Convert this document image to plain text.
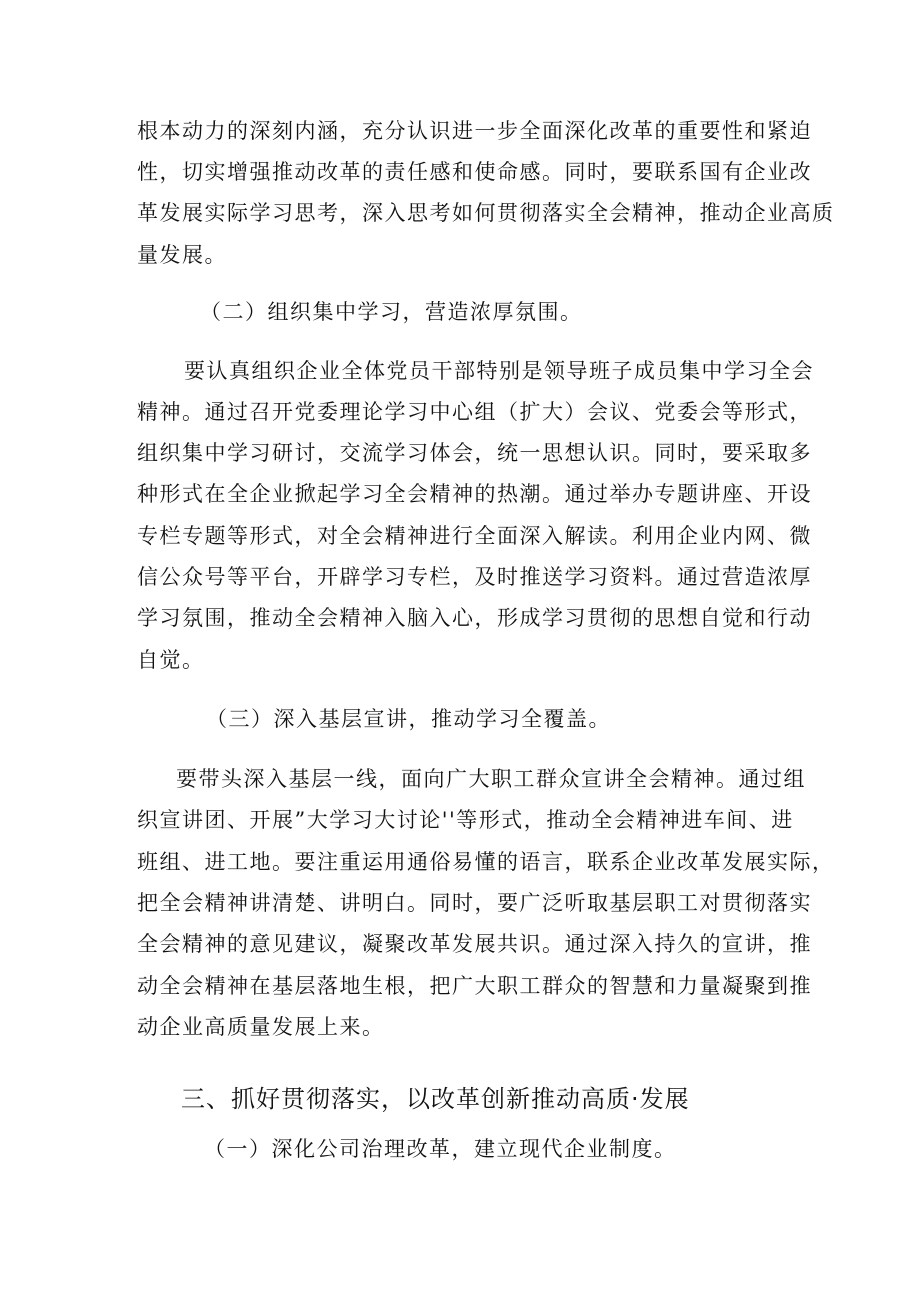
根本动力的深刻内涵，充分认识进一步全面深化改革的重要性和紧迫
性，切实增强推动改革的责任感和使命感。同时，要联系国有企业改
革发展实际学习思考，深入思考如何贯彻落实全会精神，推动企业高质
量发展。
（二）组织集中学习，营造浓厚氛围。
要认真组织企业全体党员干部特别是领导班子成员集中学习全会
精神。通过召开党委理论学习中心组（扩大）会议、党委会等形式，
组织集中学习研讨，交流学习体会，统一思想认识。同时，要采取多
种形式在全企业掀起学习全会精神的热潮。通过举办专题讲座、开设
专栏专题等形式，对全会精神进行全面深入解读。利用企业内网、微
信公众号等平台，开辟学习专栏，及时推送学习资料。通过营造浓厚
学习氛围，推动全会精神入脑入心，形成学习贯彻的思想自觉和行动
自觉。
（三）深入基层宣讲，推动学习全覆盖。
要带头深入基层一线，面向广大职工群众宣讲全会精神。通过组
织宣讲团、开展”大学习大讨论''等形式，推动全会精神进车间、进
班组、进工地。要注重运用通俗易懂的语言，联系企业改革发展实际，
把全会精神讲清楚、讲明白。同时，要广泛听取基层职工对贯彻落实
全会精神的意见建议，凝聚改革发展共识。通过深入持久的宣讲，推
动全会精神在基层落地生根，把广大职工群众的智慧和力量凝聚到推
动企业高质量发展上来。
三、抓好贯彻落实，以改革创新推动高质·发展
（一）深化公司治理改革，建立现代企业制度。
